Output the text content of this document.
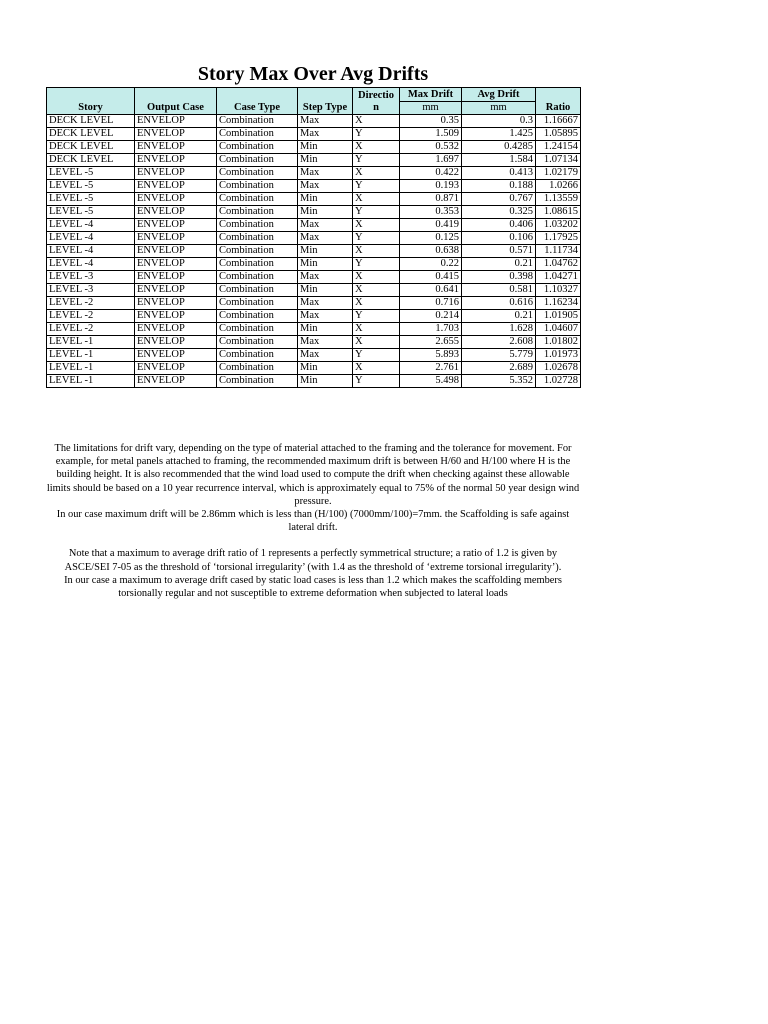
Story Max Over Avg Drifts
Story	Output Case	Case Type	Step Type	Directio n	Max Drift	Avg Drift	Ratio
					mm	mm	
DECK LEVEL	ENVELOP	Combination	Max	X	0.35	0.3	1.16667
DECK LEVEL	ENVELOP	Combination	Max	Y	1.509	1.425	1.05895
DECK LEVEL	ENVELOP	Combination	Min	X	0.532	0.4285	1.24154
DECK LEVEL	ENVELOP	Combination	Min	Y	1.697	1.584	1.07134
LEVEL -5	ENVELOP	Combination	Max	X	0.422	0.413	1.02179
LEVEL -5	ENVELOP	Combination	Max	Y	0.193	0.188	1.0266
LEVEL -5	ENVELOP	Combination	Min	X	0.871	0.767	1.13559
LEVEL -5	ENVELOP	Combination	Min	Y	0.353	0.325	1.08615
LEVEL -4	ENVELOP	Combination	Max	X	0.419	0.406	1.03202
LEVEL -4	ENVELOP	Combination	Max	Y	0.125	0.106	1.17925
LEVEL -4	ENVELOP	Combination	Min	X	0.638	0.571	1.11734
LEVEL -4	ENVELOP	Combination	Min	Y	0.22	0.21	1.04762
LEVEL -3	ENVELOP	Combination	Max	X	0.415	0.398	1.04271
LEVEL -3	ENVELOP	Combination	Min	X	0.641	0.581	1.10327
LEVEL -2	ENVELOP	Combination	Max	X	0.716	0.616	1.16234
LEVEL -2	ENVELOP	Combination	Max	Y	0.214	0.21	1.01905
LEVEL -2	ENVELOP	Combination	Min	X	1.703	1.628	1.04607
LEVEL -1	ENVELOP	Combination	Max	X	2.655	2.608	1.01802
LEVEL -1	ENVELOP	Combination	Max	Y	5.893	5.779	1.01973
LEVEL -1	ENVELOP	Combination	Min	X	2.761	2.689	1.02678
LEVEL -1	ENVELOP	Combination	Min	Y	5.498	5.352	1.02728

The limitations for drift vary, depending on the type of material attached to the framing and the tolerance for movement. For example, for metal panels attached to framing, the recommended maximum drift is between H/60 and H/100 where H is the building height. It is also recommended that the wind load used to compute the drift when checking against these allowable limits should be based on a 10 year recurrence interval, which is approximately equal to 75% of the normal 50 year design wind pressure.

In our case maximum drift will be 2.86mm which is less than (H/100) (7000mm/100)=7mm. the Scaffolding is safe against lateral drift.

Note that a maximum to average drift ratio of 1 represents a perfectly symmetrical structure; a ratio of 1.2 is given by ASCE/SEI 7-05 as the threshold of ‘torsional irregularity’ (with 1.4 as the threshold of ‘extreme torsional irregularity’).

In our case a maximum to average drift cased by static load cases is less than 1.2 which makes the scaffolding members torsionally regular and not susceptible to extreme deformation when subjected to lateral loads
